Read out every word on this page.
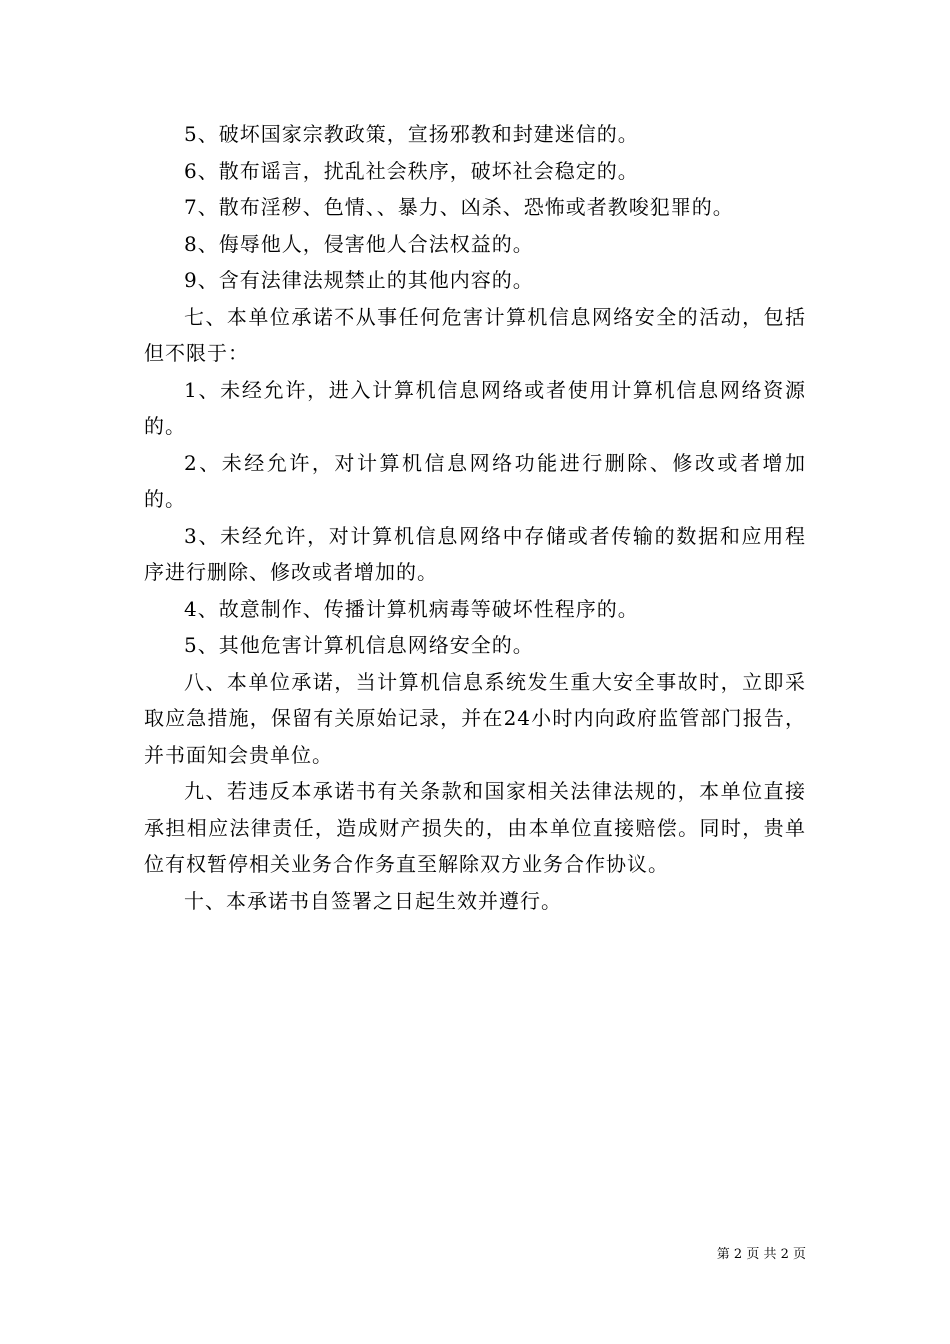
5、破坏国家宗教政策，宣扬邪教和封建迷信的。

6、散布谣言，扰乱社会秩序，破坏社会稳定的。

7、散布淫秽、色情、、暴力、凶杀、恐怖或者教唆犯罪的。

8、侮辱他人，侵害他人合法权益的。

9、含有法律法规禁止的其他内容的。

七、本单位承诺不从事任何危害计算机信息网络安全的活动，包括但不限于：

1、未经允许，进入计算机信息网络或者使用计算机信息网络资源的。

2、未经允许，对计算机信息网络功能进行删除、修改或者增加的。

3、未经允许，对计算机信息网络中存储或者传输的数据和应用程序进行删除、修改或者增加的。

4、故意制作、传播计算机病毒等破坏性程序的。

5、其他危害计算机信息网络安全的。

八、本单位承诺，当计算机信息系统发生重大安全事故时，立即采取应急措施，保留有关原始记录，并在24小时内向政府监管部门报告，并书面知会贵单位。

九、若违反本承诺书有关条款和国家相关法律法规的，本单位直接承担相应法律责任，造成财产损失的，由本单位直接赔偿。同时，贵单位有权暂停相关业务合作务直至解除双方业务合作协议。

十、本承诺书自签署之日起生效并遵行。

第 2 页 共 2 页
